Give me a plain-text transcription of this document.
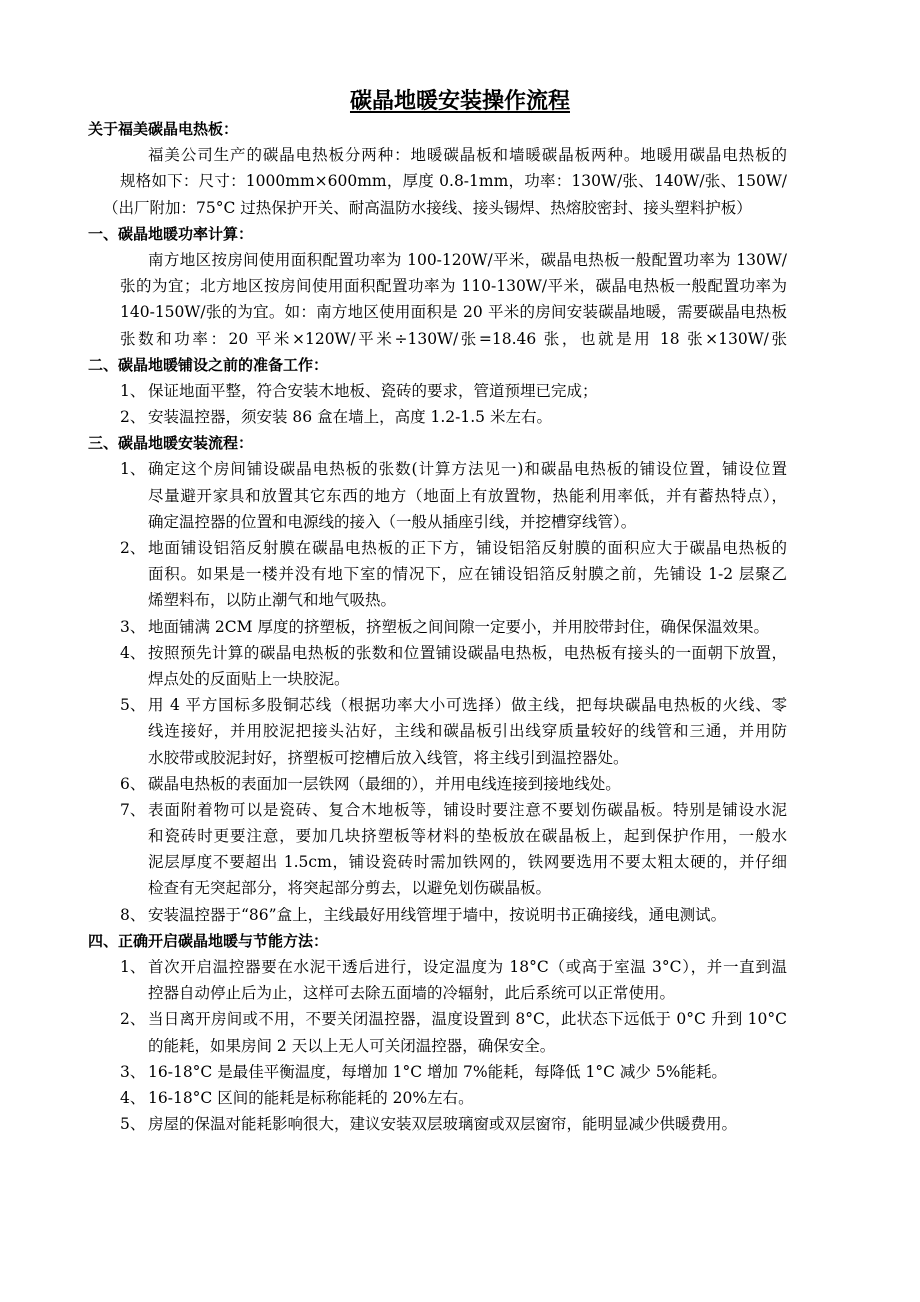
碳晶地暖安装操作流程
关于福美碳晶电热板：
福美公司生产的碳晶电热板分两种：地暖碳晶板和墙暖碳晶板两种。地暖用碳晶电热板的
规格如下：尺寸：1000mm×600mm，厚度 0.8-1mm，功率：130W/张、140W/张、150W/
（出厂附加：75°C 过热保护开关、耐高温防水接线、接头锡焊、热熔胶密封、接头塑料护板）
一、碳晶地暖功率计算：
南方地区按房间使用面积配置功率为 100-120W/平米，碳晶电热板一般配置功率为 130W/
张的为宜；北方地区按房间使用面积配置功率为 110-130W/平米，碳晶电热板一般配置功率为
140-150W/张的为宜。如：南方地区使用面积是 20 平米的房间安装碳晶地暖，需要碳晶电热板
张数和功率：20 平米×120W/平米÷130W/张=18.46 张，也就是用 18 张×130W/张
二、碳晶地暖铺设之前的准备工作：
1、 保证地面平整，符合安装木地板、瓷砖的要求，管道预埋已完成；
2、 安装温控器，须安装 86 盒在墙上，高度 1.2-1.5 米左右。
三、碳晶地暖安装流程：
1、 确定这个房间铺设碳晶电热板的张数(计算方法见一)和碳晶电热板的铺设位置，铺设位置
尽量避开家具和放置其它东西的地方（地面上有放置物，热能利用率低，并有蓄热特点），
确定温控器的位置和电源线的接入（一般从插座引线，并挖槽穿线管）。
2、 地面铺设铝箔反射膜在碳晶电热板的正下方，铺设铝箔反射膜的面积应大于碳晶电热板的
面积。如果是一楼并没有地下室的情况下，应在铺设铝箔反射膜之前，先铺设 1-2 层聚乙
烯塑料布，以防止潮气和地气吸热。
3、 地面铺满 2CM 厚度的挤塑板，挤塑板之间间隙一定要小，并用胶带封住，确保保温效果。
4、 按照预先计算的碳晶电热板的张数和位置铺设碳晶电热板，电热板有接头的一面朝下放置，
焊点处的反面贴上一块胶泥。
5、 用 4 平方国标多股铜芯线（根据功率大小可选择）做主线，把每块碳晶电热板的火线、零
线连接好，并用胶泥把接头沾好，主线和碳晶板引出线穿质量较好的线管和三通，并用防
水胶带或胶泥封好，挤塑板可挖槽后放入线管，将主线引到温控器处。
6、 碳晶电热板的表面加一层铁网（最细的），并用电线连接到接地线处。
7、 表面附着物可以是瓷砖、复合木地板等，铺设时要注意不要划伤碳晶板。特别是铺设水泥
和瓷砖时更要注意，要加几块挤塑板等材料的垫板放在碳晶板上，起到保护作用，一般水
泥层厚度不要超出 1.5cm，铺设瓷砖时需加铁网的，铁网要选用不要太粗太硬的，并仔细
检查有无突起部分，将突起部分剪去，以避免划伤碳晶板。
8、 安装温控器于“86”盒上，主线最好用线管埋于墙中，按说明书正确接线，通电测试。
四、正确开启碳晶地暖与节能方法：
1、 首次开启温控器要在水泥干透后进行，设定温度为 18°C（或高于室温 3°C），并一直到温
控器自动停止后为止，这样可去除五面墙的冷辐射，此后系统可以正常使用。
2、 当日离开房间或不用，不要关闭温控器，温度设置到 8°C，此状态下远低于 0°C 升到 10°C
的能耗，如果房间 2 天以上无人可关闭温控器，确保安全。
3、 16-18°C 是最佳平衡温度，每增加 1°C 增加 7%能耗，每降低 1°C 减少 5%能耗。
4、 16-18°C 区间的能耗是标称能耗的 20%左右。
5、 房屋的保温对能耗影响很大，建议安装双层玻璃窗或双层窗帘，能明显减少供暖费用。
